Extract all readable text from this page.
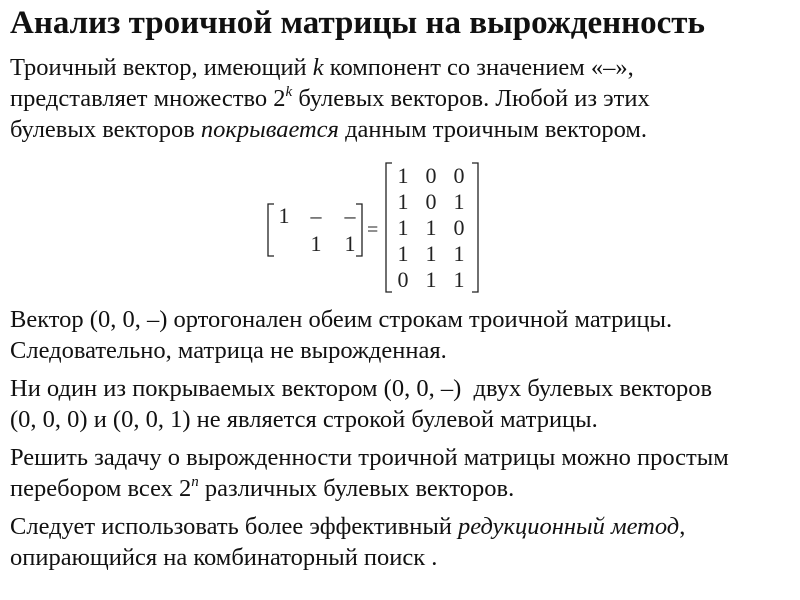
Анализ троичной матрицы на вырожденность
Троичный вектор, имеющий k компонент со значением «–»,
представляет множество 2$^k$ булевых векторов. Любой из этих
булевых векторов покрывается данным троичным вектором.
1 – –
1 1
=
1 0 0
1 0 1
1 1 0
1 1 1
0 1 1
Вектор (0, 0, –) ортогонален обеим строкам троичной матрицы.
Следовательно, матрица не вырожденная.
Ни один из покрываемых вектором (0, 0, –)  двух булевых векторов
(0, 0, 0) и (0, 0, 1) не является строкой булевой матрицы.
Решить задачу о вырожденности троичной матрицы можно простым
перебором всех 2$^n$ различных булевых векторов.
Следует использовать более эффективный редукционный метод,
опирающийся на комбинаторный поиск .
